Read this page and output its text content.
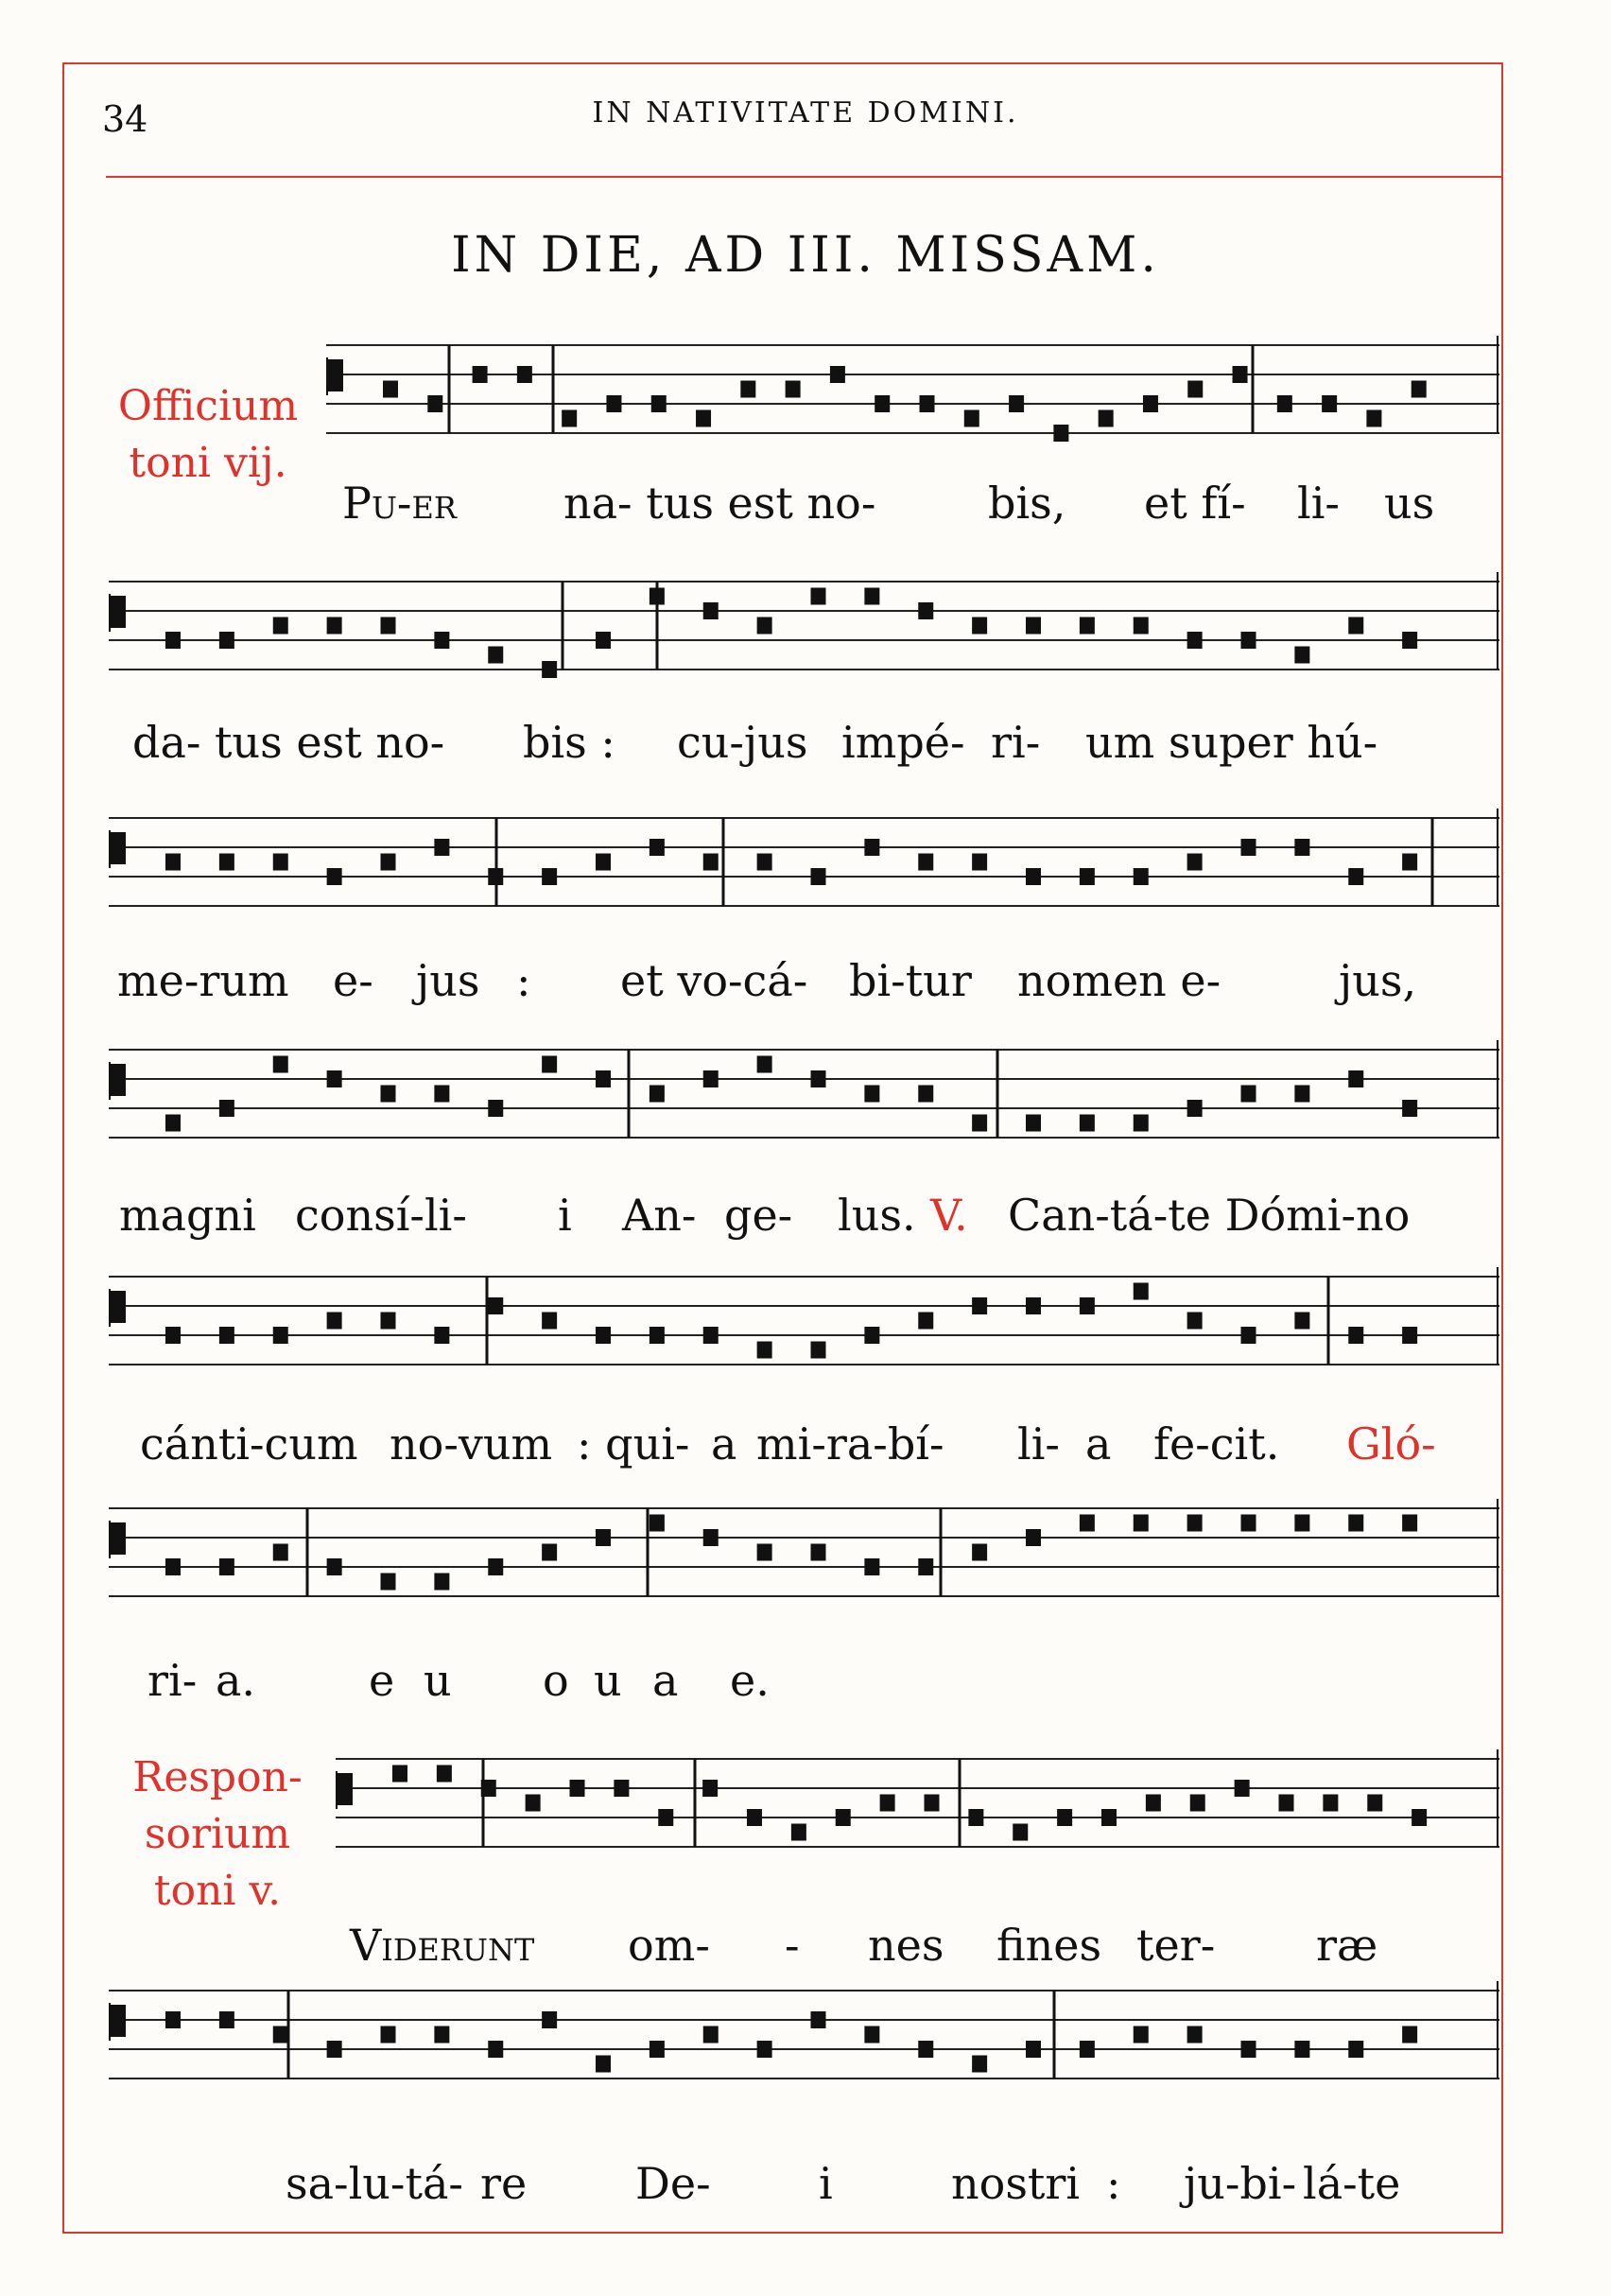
34	IN NATIVITATE DOMINI.
IN DIE, AD III. MISSAM.
Officium
toni vij.
Respon-
sorium
toni v.
Pu-er na- tus est no-	bis, et fí- li- us
da- tus est no- bis : cu-jus impé- ri- um super hú-
me-rum e- jus : et vo-cá- bi-tur nomen e-	jus,
magni consí-li- i An- ge- lus. V. Can-tá-te Dómi-no
cánti-cum no-vum : qui- a mi-ra-bí- li- a fe-cit. Gló-
ri- a.	e u o u a e.
Viderunt om- - nes fines ter- ræ
sa-lu-tá- re De- i	nostri : ju-bi- lá-te
